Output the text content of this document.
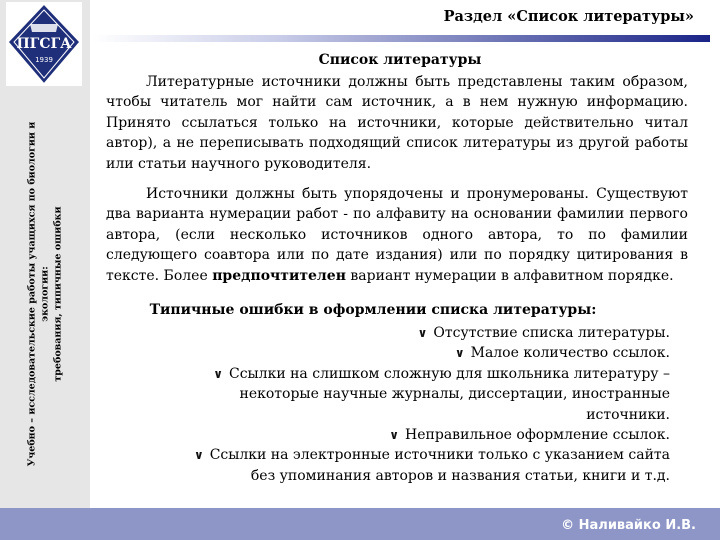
ПГСГА
1939
Учебно – исследовательские работы учащихся по биологии и экологии: требования, типичные ошибки
Раздел «Список литературы»
Список литературы
Литературные источники должны быть представлены таким образом, чтобы читатель мог найти сам источник, а в нем нужную информацию. Принято ссылаться только на источники, которые действительно читал автор), а не переписывать подходящий список литературы из другой работы или статьи научного руководителя.
Источники должны быть упорядочены и пронумерованы. Существуют два варианта нумерации работ - по алфавиту на основании фамилии первого автора, (если несколько источников одного автора, то по фамилии следующего соавтора или по дате издания) или по порядку цитирования в тексте. Более предпочтителен вариант нумерации в алфавитном порядке.
Типичные ошибки в оформлении списка литературы:
∨ Отсутствие списка литературы.
∨ Малое количество ссылок.
∨ Ссылки на слишком сложную для школьника литературу –
некоторые научные журналы, диссертации, иностранные
источники.
∨ Неправильное оформление ссылок.
∨ Ссылки на электронные источники только с указанием сайта
без упоминания авторов и названия статьи, книги и т.д.
© Наливайко И.В.
